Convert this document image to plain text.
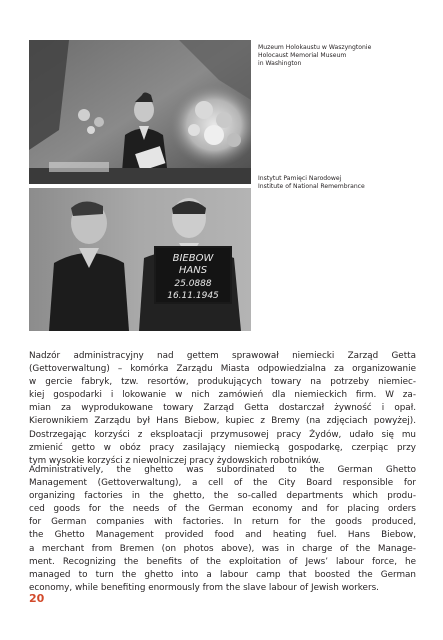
Muzeum Holokaustu w Waszyngtonie
Holocaust Memorial Museum
in Washington
BIEBOW
HANS
25.0888
16.11.1945
Instytut Pamięci Narodowej
Institute of National Remembrance
Nadzór administracyjny nad gettem sprawował niemiecki Zarząd Getta
(Gettoverwaltung) – komórka Zarządu Miasta odpowiedzialna za organizowanie
w gercie fabryk, tzw. resortów, produkujących towary na potrzeby niemiec-
kiej gospodarki i lokowanie w nich zamówień dla niemieckich firm. W za-
mian za wyprodukowane towary Zarząd Getta dostarczał żywność i opał.
Kierownikiem Zarządu był Hans Biebow, kupiec z Bremy (na zdjęciach powyżej).
Dostrzegając korzyści z eksploatacji przymusowej pracy Żydów, udało się mu
zmienić getto w obóz pracy zasilający niemiecką gospodarkę, czerpiąc przy
tym wysokie korzyści z niewolniczej pracy żydowskich robotników.
Administratively, the ghetto was subordinated to the German Ghetto
Management (Gettoverwaltung), a cell of the City Board responsible for
organizing factories in the ghetto, the so-called departments which produ-
ced goods for the needs of the German economy and for placing orders
for German companies with factories. In return for the goods produced,
the Ghetto Management provided food and heating fuel. Hans Biebow,
a merchant from Bremen (on photos above), was in charge of the Manage-
ment. Recognizing the benefits of the exploitation of Jews’ labour force, he
managed to turn the ghetto into a labour camp that boosted the German
economy, while benefiting enormously from the slave labour of Jewish workers.
20
